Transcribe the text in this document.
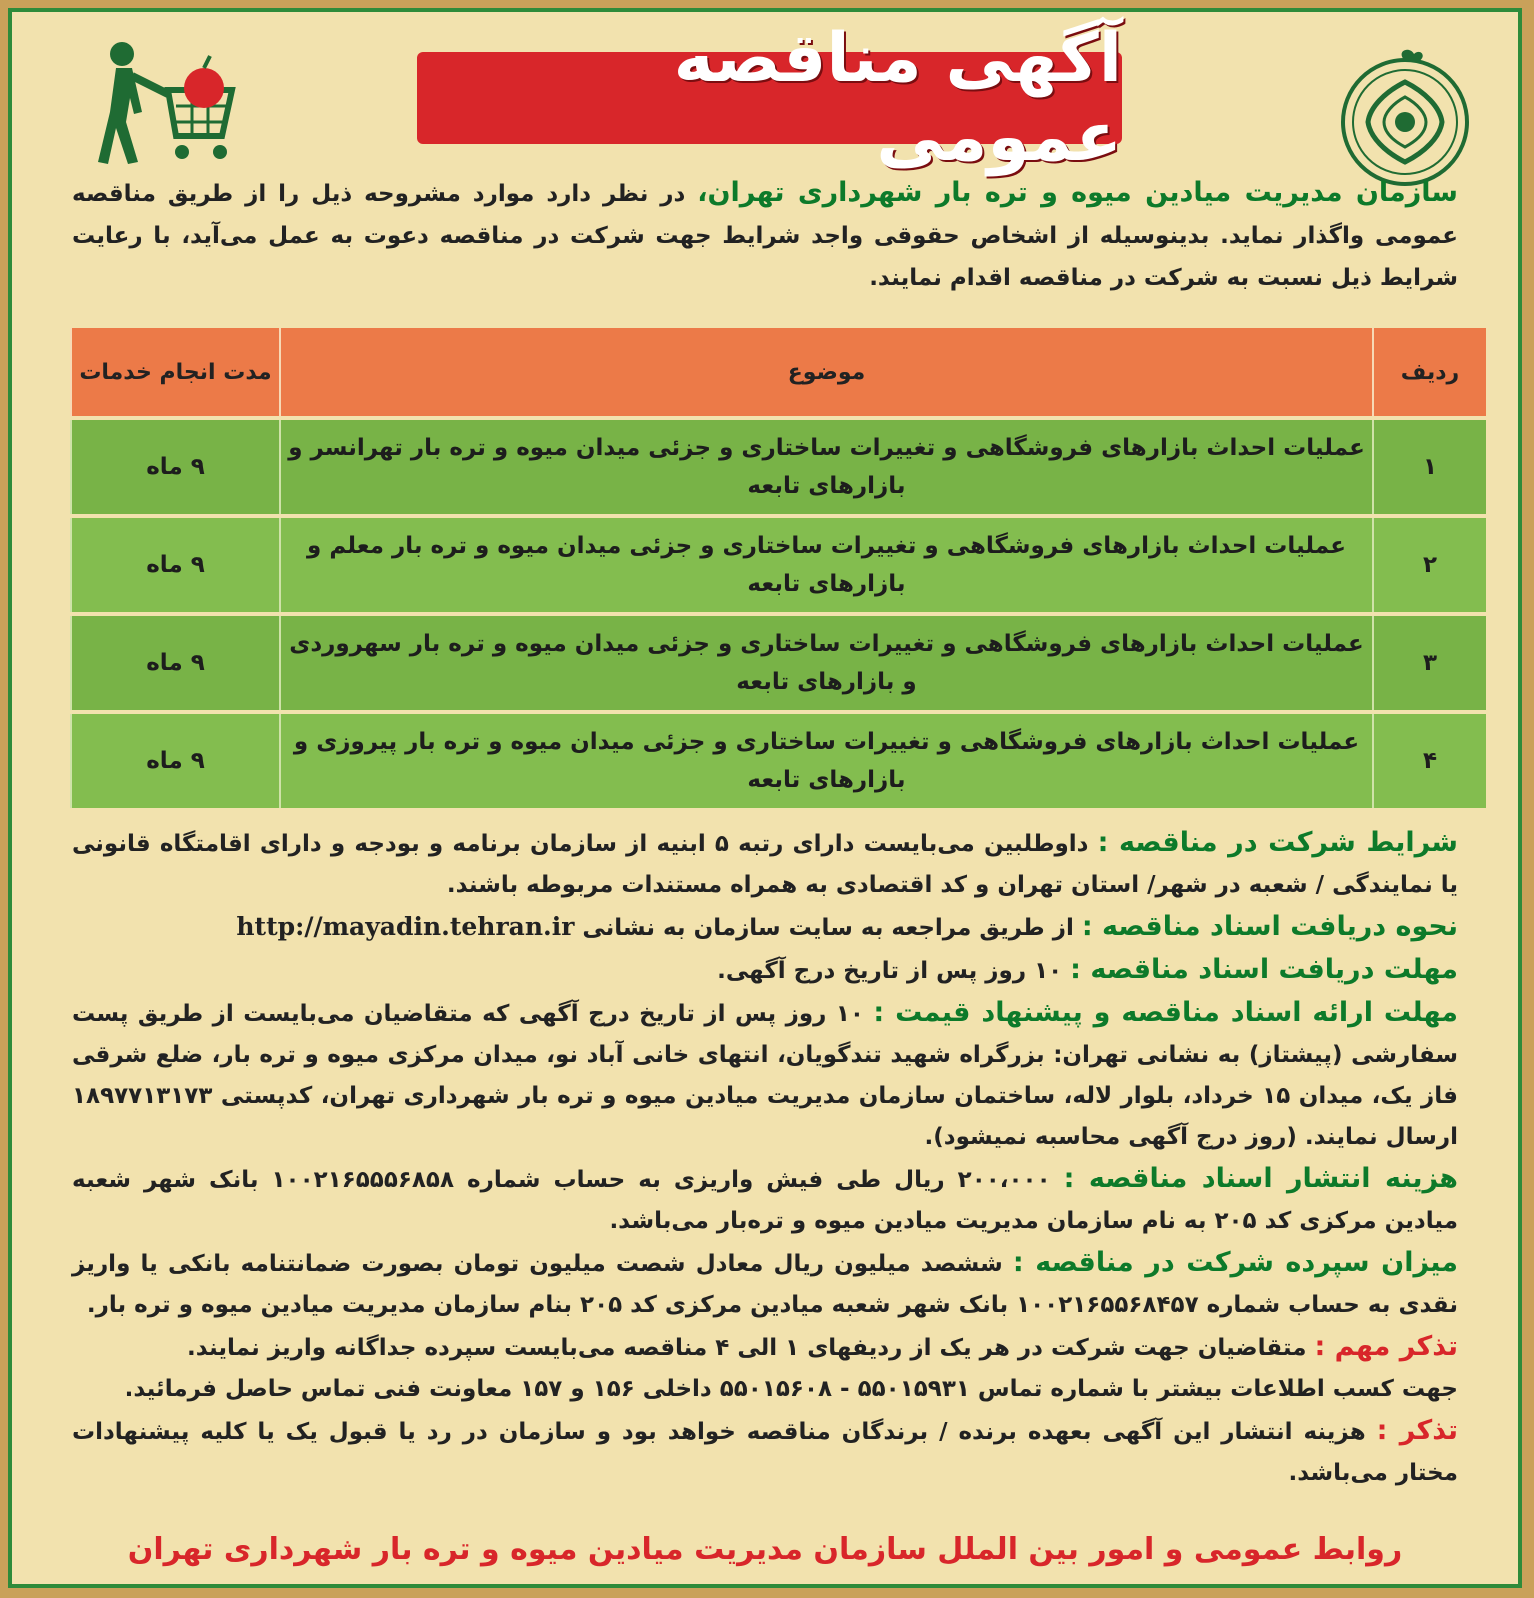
آگهی مناقصه عمومی
سازمان مدیریت میادین میوه و تره بار شهرداری تهران، در نظر دارد موارد مشروحه ذیل را از طریق مناقصه عمومی واگذار نماید. بدینوسیله از اشخاص حقوقی واجد شرایط جهت شرکت در مناقصه دعوت به عمل می‌آید، با رعایت شرایط ذیل نسبت به شرکت در مناقصه اقدام نمایند.
ردیف	موضوع	مدت انجام خدمات
۱	عملیات احداث بازارهای فروشگاهی و تغییرات ساختاری و جزئی میدان میوه و تره بار تهرانسر و بازارهای تابعه	۹ ماه
۲	عملیات احداث بازارهای فروشگاهی و تغییرات ساختاری و جزئی میدان میوه و تره بار معلم و بازارهای تابعه	۹ ماه
۳	عملیات احداث بازارهای فروشگاهی و تغییرات ساختاری و جزئی میدان میوه و تره بار سهروردی و بازارهای تابعه	۹ ماه
۴	عملیات احداث بازارهای فروشگاهی و تغییرات ساختاری و جزئی میدان میوه و تره بار پیروزی و بازارهای تابعه	۹ ماه

شرایط شرکت در مناقصه : داوطلبین می‌بایست دارای رتبه ۵ ابنیه از سازمان برنامه و بودجه و دارای اقامتگاه قانونی یا نمایندگی / شعبه در شهر/ استان تهران و کد اقتصادی به همراه مستندات مربوطه باشند.

نحوه دریافت اسناد مناقصه : از طریق مراجعه به سایت سازمان به نشانی http://mayadin.tehran.ir

مهلت دریافت اسناد مناقصه : ۱۰ روز پس از تاریخ درج آگهی.

مهلت ارائه اسناد مناقصه و پیشنهاد قیمت : ۱۰ روز پس از تاریخ درج آگهی که متقاضیان می‌بایست از طریق پست سفارشی (پیشتاز) به نشانی تهران: بزرگراه شهید تندگویان، انتهای خانی آباد نو، میدان مرکزی میوه و تره بار، ضلع شرقی فاز یک، میدان ۱۵ خرداد، بلوار لاله، ساختمان سازمان مدیریت میادین میوه و تره بار شهرداری تهران، کدپستی ۱۸۹۷۷۱۳۱۷۳ ارسال نمایند. (روز درج آگهی محاسبه نمیشود).

هزینه انتشار اسناد مناقصه : ۲۰۰،۰۰۰ ریال طی فیش واریزی به حساب شماره ۱۰۰۲۱۶۵۵۵۶۸۵۸ بانک شهر شعبه میادین مرکزی کد ۲۰۵ به نام سازمان مدیریت میادین میوه و تره‌بار می‌باشد.

میزان سپرده شرکت در مناقصه : ششصد میلیون ریال معادل شصت میلیون تومان بصورت ضمانتنامه بانکی یا واریز نقدی به حساب شماره ۱۰۰۲۱۶۵۵۶۸۴۵۷ بانک شهر شعبه میادین مرکزی کد ۲۰۵ بنام سازمان مدیریت میادین میوه و تره بار.

تذکر مهم : متقاضیان جهت شرکت در هر یک از ردیفهای ۱ الی ۴ مناقصه می‌بایست سپرده جداگانه واریز نمایند.

جهت کسب اطلاعات بیشتر با شماره تماس ۵۵۰۱۵۹۳۱ - ۵۵۰۱۵۶۰۸ داخلی ۱۵۶ و ۱۵۷ معاونت فنی تماس حاصل فرمائید.

تذکر : هزینه انتشار این آگهی بعهده برنده / برندگان مناقصه خواهد بود و سازمان در رد یا قبول یک یا کلیه پیشنهادات مختار می‌باشد.

روابط عمومی و امور بین الملل سازمان مدیریت میادین میوه و تره بار شهرداری تهران
